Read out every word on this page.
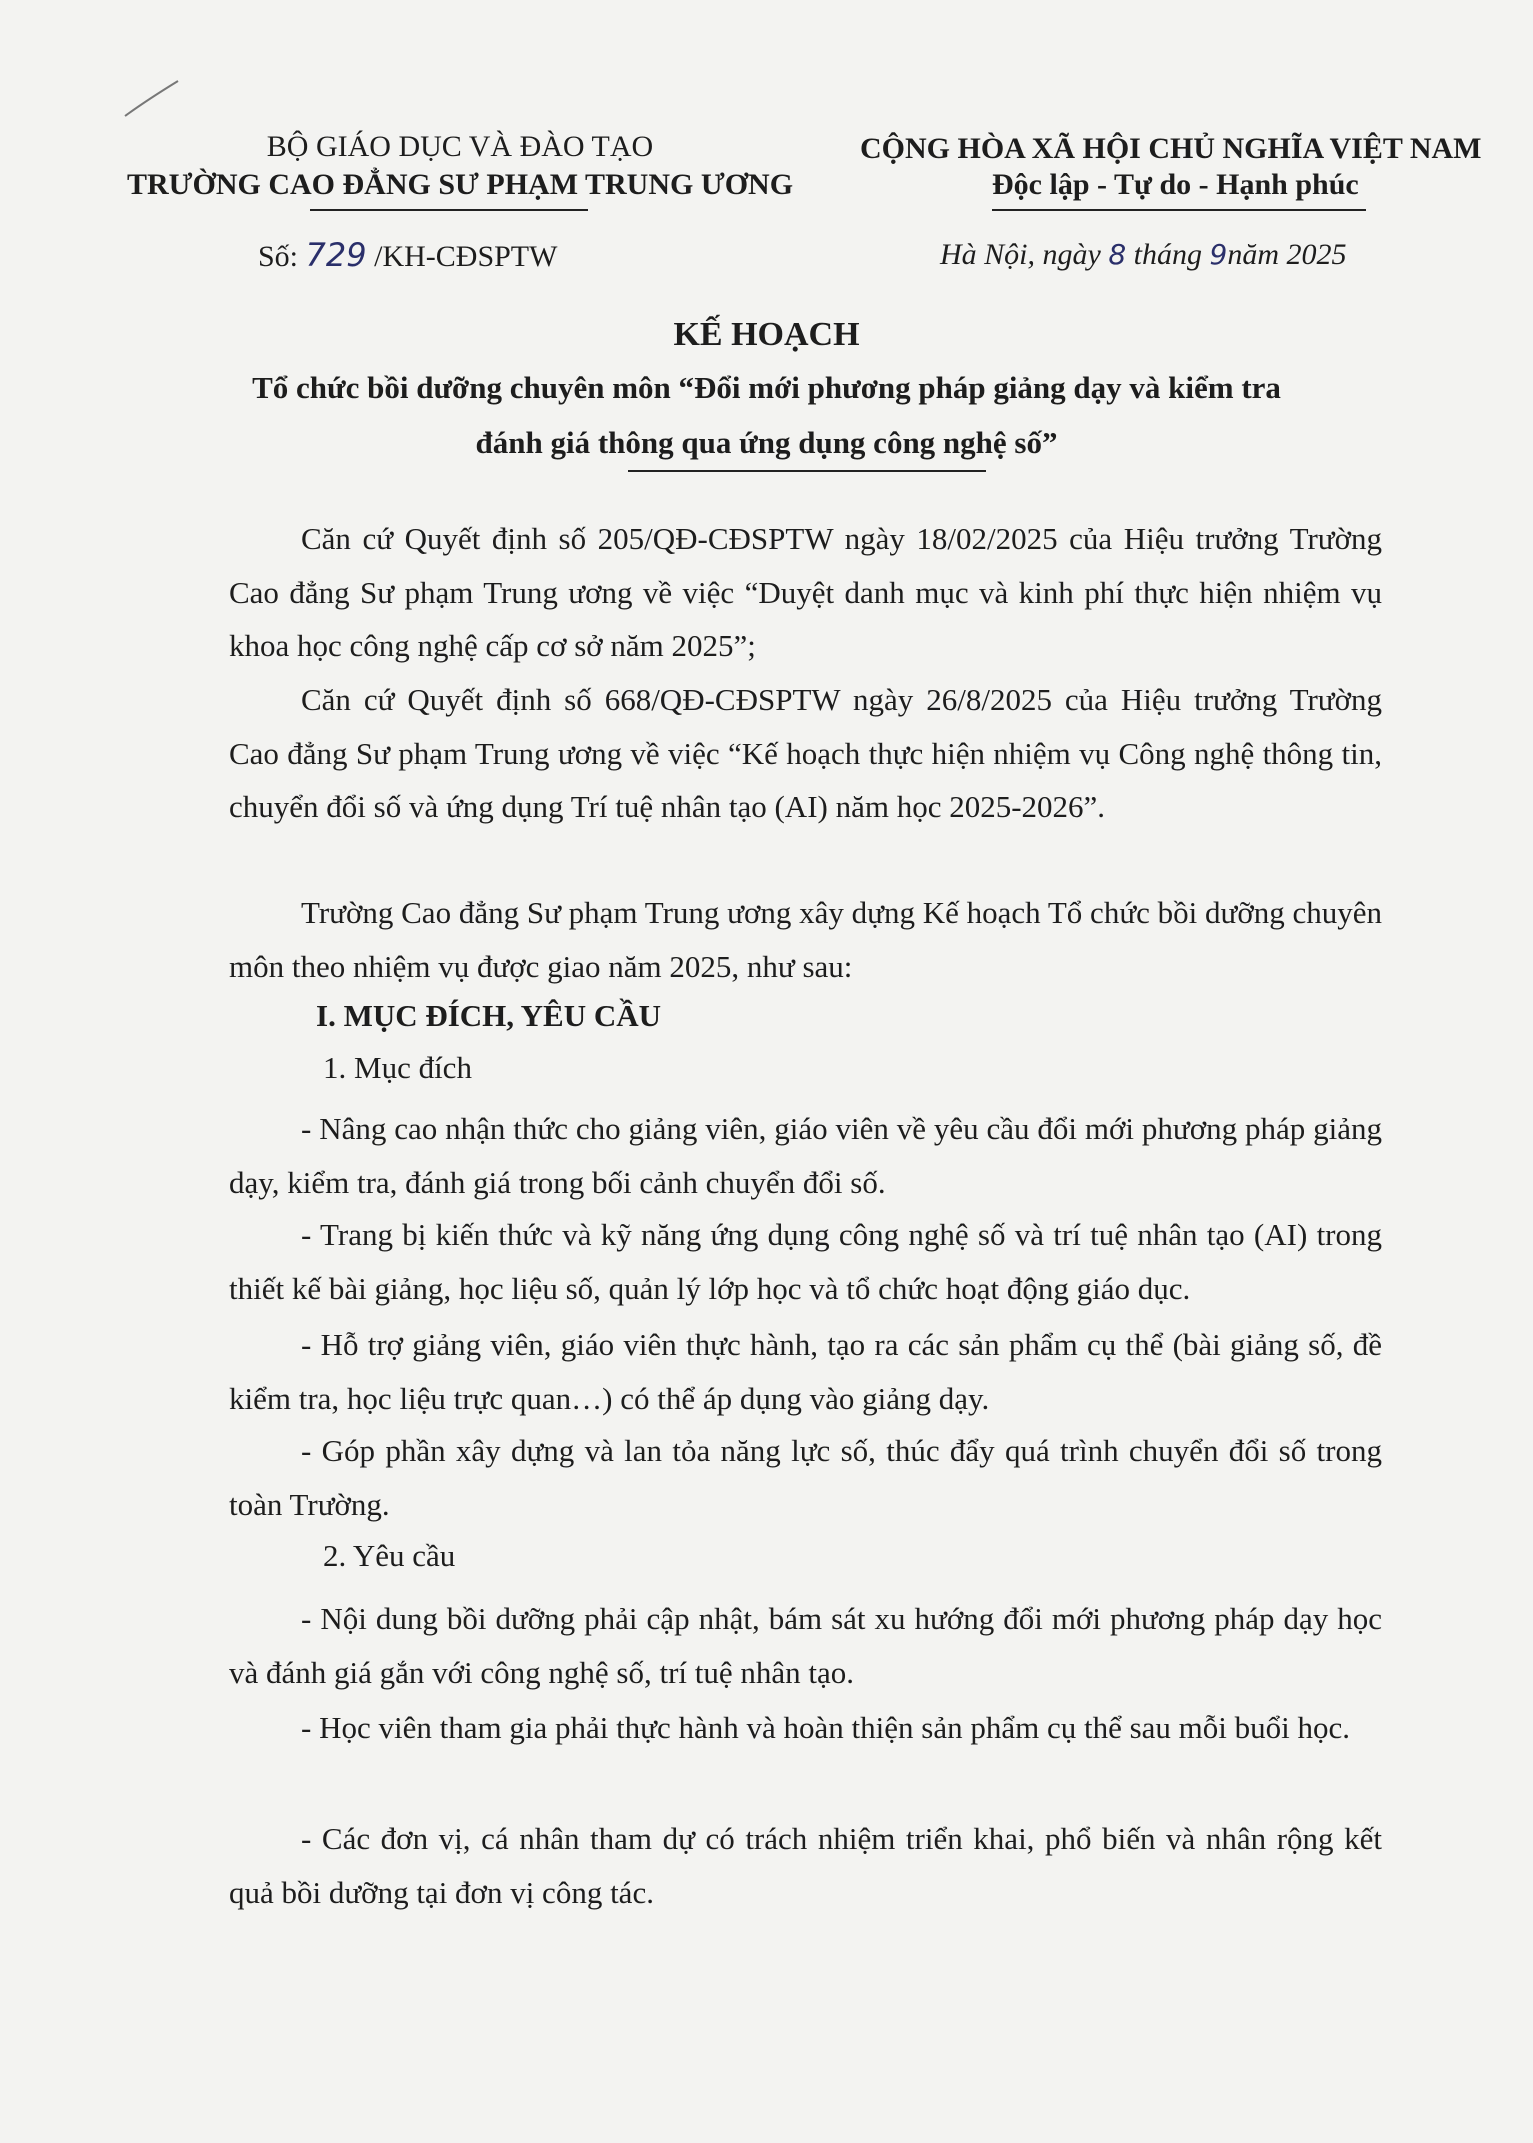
BỘ GIÁO DỤC VÀ ĐÀO TẠO
TRƯỜNG CAO ĐẲNG SƯ PHẠM TRUNG ƯƠNG
CỘNG HÒA XÃ HỘI CHỦ NGHĨA VIỆT NAM
Độc lập - Tự do - Hạnh phúc
Số: 729 /KH-CĐSPTW	Hà Nội, ngày 8 tháng 9năm 2025
KẾ HOẠCH
Tổ chức bồi dưỡng chuyên môn “Đổi mới phương pháp giảng dạy và kiểm tra
đánh giá thông qua ứng dụng công nghệ số”
Căn cứ Quyết định số 205/QĐ-CĐSPTW ngày 18/02/2025 của Hiệu trưởng Trường Cao đẳng Sư phạm Trung ương về việc “Duyệt danh mục và kinh phí thực hiện nhiệm vụ khoa học công nghệ cấp cơ sở năm 2025”;
Căn cứ Quyết định số 668/QĐ-CĐSPTW ngày 26/8/2025 của Hiệu trưởng Trường Cao đẳng Sư phạm Trung ương về việc “Kế hoạch thực hiện nhiệm vụ Công nghệ thông tin, chuyển đổi số và ứng dụng Trí tuệ nhân tạo (AI) năm học 2025-2026”.
Trường Cao đẳng Sư phạm Trung ương xây dựng Kế hoạch Tổ chức bồi dưỡng chuyên môn theo nhiệm vụ được giao năm 2025, như sau:
I. MỤC ĐÍCH, YÊU CẦU
1. Mục đích
- Nâng cao nhận thức cho giảng viên, giáo viên về yêu cầu đổi mới phương pháp giảng dạy, kiểm tra, đánh giá trong bối cảnh chuyển đổi số.
- Trang bị kiến thức và kỹ năng ứng dụng công nghệ số và trí tuệ nhân tạo (AI) trong thiết kế bài giảng, học liệu số, quản lý lớp học và tổ chức hoạt động giáo dục.
- Hỗ trợ giảng viên, giáo viên thực hành, tạo ra các sản phẩm cụ thể (bài giảng số, đề kiểm tra, học liệu trực quan…) có thể áp dụng vào giảng dạy.
- Góp phần xây dựng và lan tỏa năng lực số, thúc đẩy quá trình chuyển đổi số trong toàn Trường.
2. Yêu cầu
- Nội dung bồi dưỡng phải cập nhật, bám sát xu hướng đổi mới phương pháp dạy học và đánh giá gắn với công nghệ số, trí tuệ nhân tạo.
- Học viên tham gia phải thực hành và hoàn thiện sản phẩm cụ thể sau mỗi buổi học.
- Các đơn vị, cá nhân tham dự có trách nhiệm triển khai, phổ biến và nhân rộng kết quả bồi dưỡng tại đơn vị công tác.
